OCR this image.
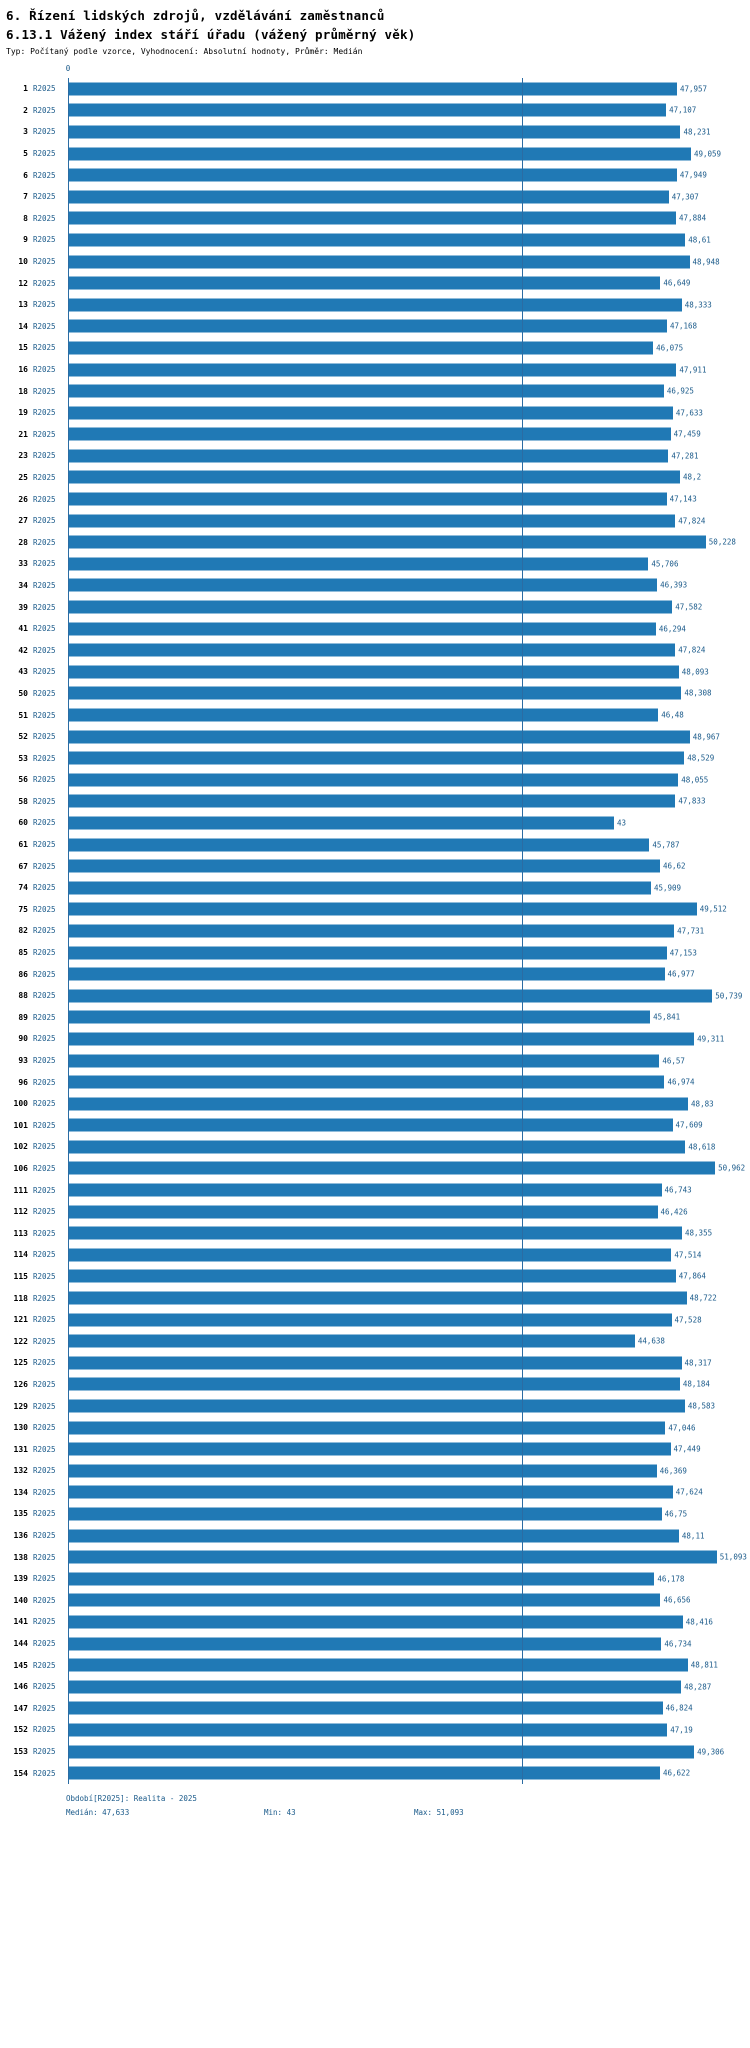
6. Řízení lidských zdrojů, vzdělávání zaměstnanců
6.13.1 Vážený index stáří úřadu (vážený průměrný věk)
Typ: Počítaný podle vzorce, Vyhodnocení: Absolutní hodnoty, Průměr: Medián
0
1 R2025	47,957
2 R2025	47,107
3 R2025	48,231
5 R2025	49,059
6 R2025	47,949
7 R2025	47,307
8 R2025	47,884
9 R2025	48,61
10 R2025	48,948
12 R2025	46,649
13 R2025	48,333
14 R2025	47,168
15 R2025	46,075
16 R2025	47,911
18 R2025	46,925
19 R2025	47,633
21 R2025	47,459
23 R2025	47,281
25 R2025	48,2
26 R2025	47,143
27 R2025	47,824
28 R2025	50,228
33 R2025	45,706
34 R2025	46,393
39 R2025	47,582
41 R2025	46,294
42 R2025	47,824
43 R2025	48,093
50 R2025	48,308
51 R2025	46,48
52 R2025	48,967
53 R2025	48,529
56 R2025	48,055
58 R2025	47,833
60 R2025	43
61 R2025	45,787
67 R2025	46,62
74 R2025	45,909
75 R2025	49,512
82 R2025	47,731
85 R2025	47,153
86 R2025	46,977
88 R2025	50,739
89 R2025	45,841
90 R2025	49,311
93 R2025	46,57
96 R2025	46,974
100 R2025	48,83
101 R2025	47,609
102 R2025	48,618
106 R2025	50,962
111 R2025	46,743
112 R2025	46,426
113 R2025	48,355
114 R2025	47,514
115 R2025	47,864
118 R2025	48,722
121 R2025	47,528
122 R2025	44,638
125 R2025	48,317
126 R2025	48,184
129 R2025	48,583
130 R2025	47,046
131 R2025	47,449
132 R2025	46,369
134 R2025	47,624
135 R2025	46,75
136 R2025	48,11
138 R2025	51,093
139 R2025	46,178
140 R2025	46,656
141 R2025	48,416
144 R2025	46,734
145 R2025	48,811
146 R2025	48,287
147 R2025	46,824
152 R2025	47,19
153 R2025	49,306
154 R2025	46,622
Období[R2025]: Realita - 2025
Medián: 47,633	Min: 43	Max: 51,093
